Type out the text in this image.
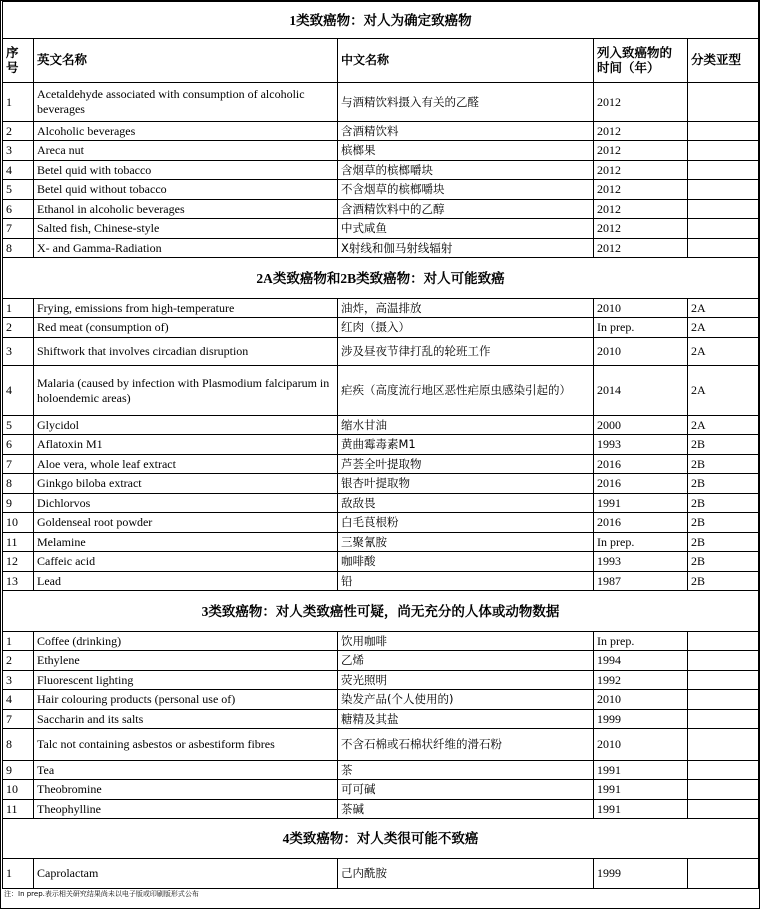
1类致癌物：对人为确定致癌物				
序号	英文名称	中文名称	列入致癌物的时间（年）	分类亚型
1	Acetaldehyde associated with consumption of alcoholic beverages	与酒精饮料摄入有关的乙醛	2012	
2	Alcoholic beverages	含酒精饮料	2012	
3	Areca nut	槟榔果	2012	
4	Betel quid with tobacco	含烟草的槟榔嚼块	2012	
5	Betel quid without tobacco	不含烟草的槟榔嚼块	2012	
6	Ethanol in alcoholic beverages	含酒精饮料中的乙醇	2012	
7	Salted fish, Chinese-style	中式咸鱼	2012	
8	X- and Gamma-Radiation	X射线和伽马射线辐射	2012	
2A类致癌物和2B类致癌物：对人可能致癌				
1	Frying, emissions from high-temperature	油炸，高温排放	2010	2A
2	Red meat (consumption of)	红肉（摄入）	In prep.	2A
3	Shiftwork that involves circadian disruption	涉及昼夜节律打乱的轮班工作	2010	2A
4	Malaria (caused by infection with Plasmodium falciparum in holoendemic areas)	疟疾（高度流行地区恶性疟原虫感染引起的）	2014	2A
5	Glycidol	缩水甘油	2000	2A
6	Aflatoxin M1	黄曲霉毒素M1	1993	2B
7	Aloe vera, whole leaf extract	芦荟全叶提取物	2016	2B
8	Ginkgo biloba extract	银杏叶提取物	2016	2B
9	Dichlorvos	敌敌畏	1991	2B
10	Goldenseal root powder	白毛茛根粉	2016	2B
11	Melamine	三聚氰胺	In prep.	2B
12	Caffeic acid	咖啡酸	1993	2B
13	Lead	铅	1987	2B
3类致癌物：对人类致癌性可疑，尚无充分的人体或动物数据				
1	Coffee (drinking)	饮用咖啡	In prep.	
2	Ethylene	乙烯	1994	
3	Fluorescent lighting	荧光照明	1992	
4	Hair colouring products (personal use of)	染发产品(个人使用的)	2010	
7	Saccharin and its salts	糖精及其盐	1999	
8	Talc not containing asbestos or asbestiform fibres	不含石棉或石棉状纤维的滑石粉	2010	
9	Tea	茶	1991	
10	Theobromine	可可碱	1991	
11	Theophylline	茶碱	1991	
4类致癌物：对人类很可能不致癌				
1	Caprolactam	己内酰胺	1999	
注：In prep.表示相关研究结果尚未以电子版或印刷版形式公布
